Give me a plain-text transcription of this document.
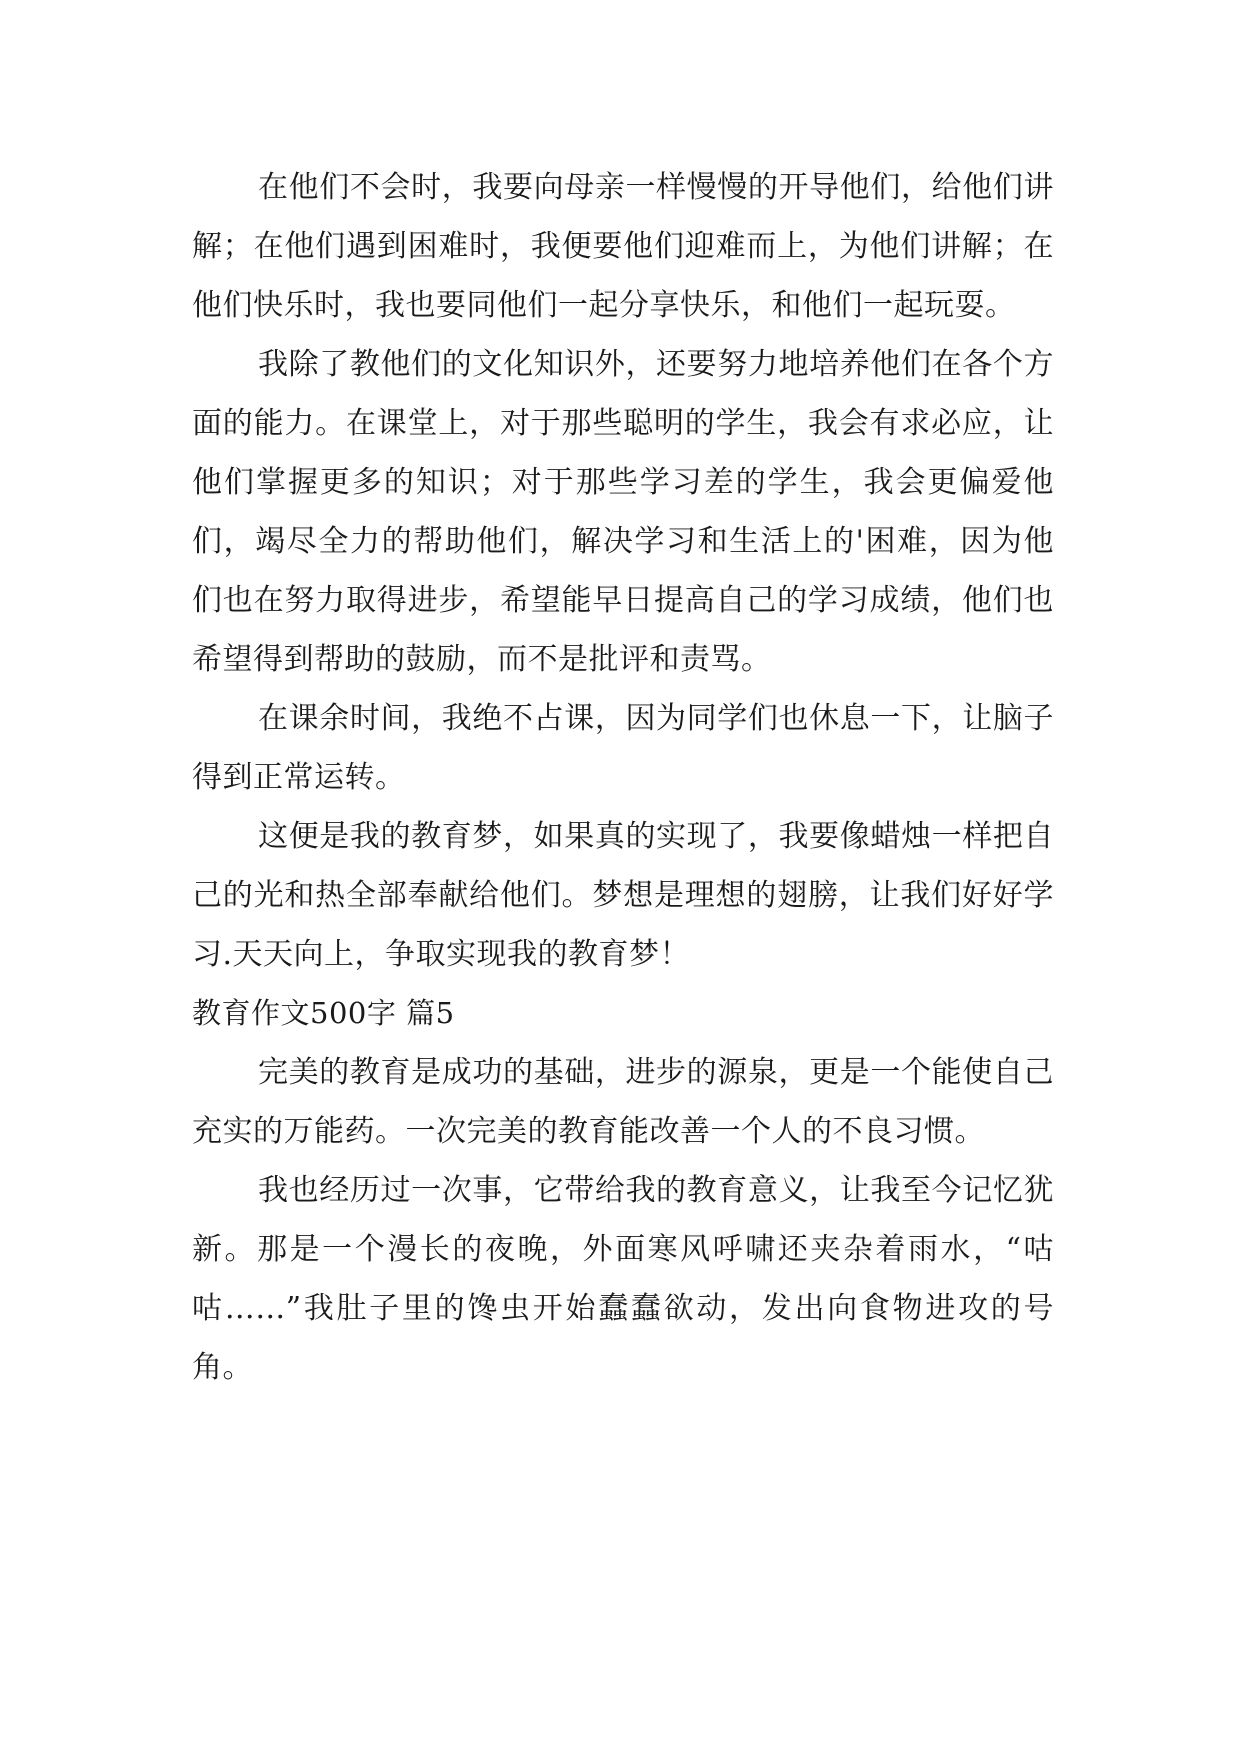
在他们不会时，我要向母亲一样慢慢的开导他们，给他们讲解；在他们遇到困难时，我便要他们迎难而上，为他们讲解；在他们快乐时，我也要同他们一起分享快乐，和他们一起玩耍。

我除了教他们的文化知识外，还要努力地培养他们在各个方面的能力。在课堂上，对于那些聪明的学生，我会有求必应，让他们掌握更多的知识；对于那些学习差的学生，我会更偏爱他们，竭尽全力的帮助他们，解决学习和生活上的'困难，因为他们也在努力取得进步，希望能早日提高自己的学习成绩，他们也希望得到帮助的鼓励，而不是批评和责骂。

在课余时间，我绝不占课，因为同学们也休息一下，让脑子得到正常运转。

这便是我的教育梦，如果真的实现了，我要像蜡烛一样把自己的光和热全部奉献给他们。梦想是理想的翅膀，让我们好好学习.天天向上，争取实现我的教育梦！

教育作文500字 篇5

完美的教育是成功的基础，进步的源泉，更是一个能使自己充实的万能药。一次完美的教育能改善一个人的不良习惯。

我也经历过一次事，它带给我的教育意义，让我至今记忆犹新。那是一个漫长的夜晚，外面寒风呼啸还夹杂着雨水，“咕咕……”我肚子里的馋虫开始蠢蠢欲动，发出向食物进攻的号角。
